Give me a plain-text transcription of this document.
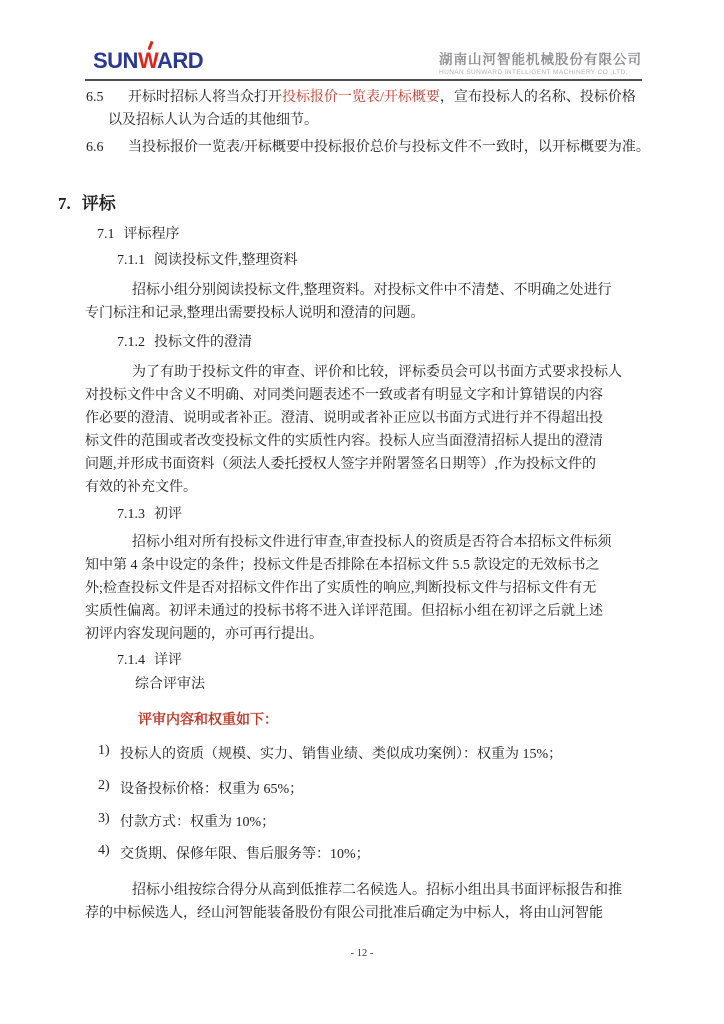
SUN
WARD	湖南山河智能机械股份有限公司
HUNAN SUNWARD INTELLIGENT MACHINERY CO.,LTD.
6.5	开标时招标人将当众打开投标报价一览表/开标概要，宣布投标人的名称、投标价格
以及招标人认为合适的其他细节。
6.6	当投标报价一览表/开标概要中投标报价总价与投标文件不一致时，以开标概要为准。
7. 评标
7.1 评标程序
7.1.1 阅读投标文件,整理资料
招标小组分别阅读投标文件,整理资料。对投标文件中不清楚、不明确之处进行
专门标注和记录,整理出需要投标人说明和澄清的问题。
7.1.2 投标文件的澄清
为了有助于投标文件的审查、评价和比较，评标委员会可以书面方式要求投标人
对投标文件中含义不明确、对同类问题表述不一致或者有明显文字和计算错误的内容
作必要的澄清、说明或者补正。澄清、说明或者补正应以书面方式进行并不得超出投
标文件的范围或者改变投标文件的实质性内容。投标人应当面澄清招标人提出的澄清
问题,并形成书面资料（须法人委托授权人签字并附署签名日期等）,作为投标文件的
有效的补充文件。
7.1.3 初评
招标小组对所有投标文件进行审查,审查投标人的资质是否符合本招标文件标须
知中第 4 条中设定的条件；投标文件是否排除在本招标文件 5.5 款设定的无效标书之
外;检查投标文件是否对招标文件作出了实质性的响应,判断投标文件与招标文件有无
实质性偏离。初评未通过的投标书将不进入详评范围。但招标小组在初评之后就上述
初评内容发现问题的，亦可再行提出。
7.1.4 详评
综合评审法
评审内容和权重如下：
1) 投标人的资质（规模、实力、销售业绩、类似成功案例）：权重为 15%；
2) 设备投标价格：权重为 65%；
3) 付款方式：权重为 10%；
4) 交货期、保修年限、售后服务等：10%；
招标小组按综合得分从高到低推荐二名候选人。招标小组出具书面评标报告和推
荐的中标候选人，经山河智能装备股份有限公司批准后确定为中标人，将由山河智能
- 12 -
